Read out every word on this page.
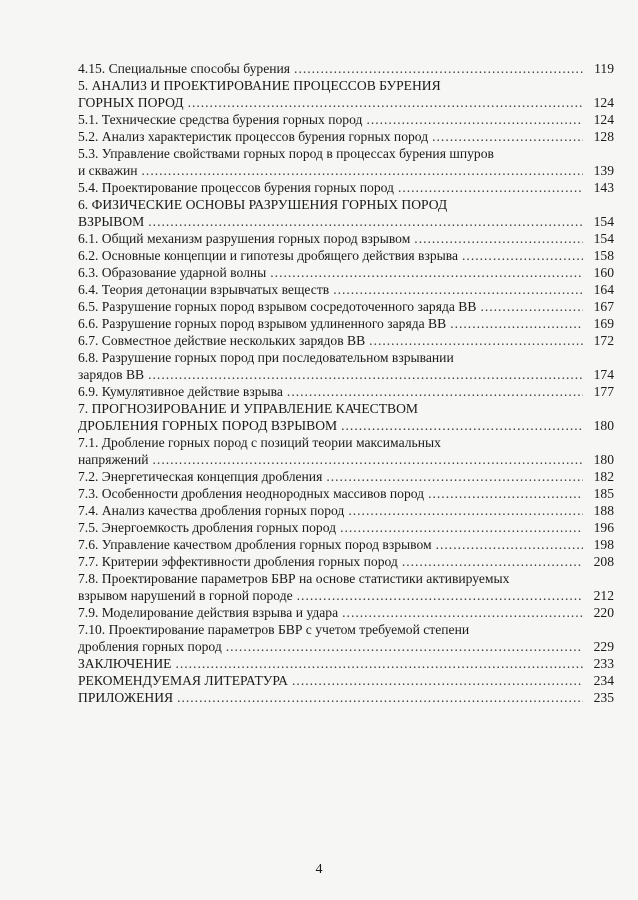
4.15. Специальные способы бурения .....	119
5. АНАЛИЗ И ПРОЕКТИРОВАНИЕ ПРОЦЕССОВ БУРЕНИЯ
ГОРНЫХ ПОРОД .....	124
5.1. Технические средства бурения горных пород .....	124
5.2. Анализ характеристик процессов бурения горных пород .....	128
5.3. Управление свойствами горных пород в процессах бурения шпуров
и скважин .....	139
5.4. Проектирование процессов бурения горных пород .....	143
6. ФИЗИЧЕСКИЕ ОСНОВЫ РАЗРУШЕНИЯ ГОРНЫХ ПОРОД
ВЗРЫВОМ .....	154
6.1. Общий механизм разрушения горных пород взрывом .....	154
6.2. Основные концепции и гипотезы дробящего действия взрыва .....	158
6.3. Образование ударной волны .....	160
6.4. Теория детонации взрывчатых веществ .....	164
6.5. Разрушение горных пород взрывом сосредоточенного заряда ВВ .....	167
6.6. Разрушение горных пород взрывом удлиненного заряда ВВ .....	169
6.7. Совместное действие нескольких зарядов ВВ .....	172
6.8. Разрушение горных пород при последовательном взрывании
зарядов ВВ .....	174
6.9. Кумулятивное действие взрыва .....	177
7. ПРОГНОЗИРОВАНИЕ И УПРАВЛЕНИЕ КАЧЕСТВОМ
ДРОБЛЕНИЯ ГОРНЫХ ПОРОД ВЗРЫВОМ .....	180
7.1. Дробление горных пород с позиций теории максимальных
напряжений .....	180
7.2. Энергетическая концепция дробления .....	182
7.3. Особенности дробления неоднородных массивов пород .....	185
7.4. Анализ качества дробления горных пород .....	188
7.5. Энергоемкость дробления горных пород .....	196
7.6. Управление качеством дробления горных пород взрывом .....	198
7.7. Критерии эффективности дробления горных пород .....	208
7.8. Проектирование параметров БВР на основе статистики активируемых
взрывом нарушений в горной породе .....	212
7.9. Моделирование действия взрыва и удара .....	220
7.10. Проектирование параметров БВР с учетом требуемой степени
дробления горных пород .....	229
ЗАКЛЮЧЕНИЕ .....	233
РЕКОМЕНДУЕМАЯ ЛИТЕРАТУРА .....	234
ПРИЛОЖЕНИЯ .....	235
4
